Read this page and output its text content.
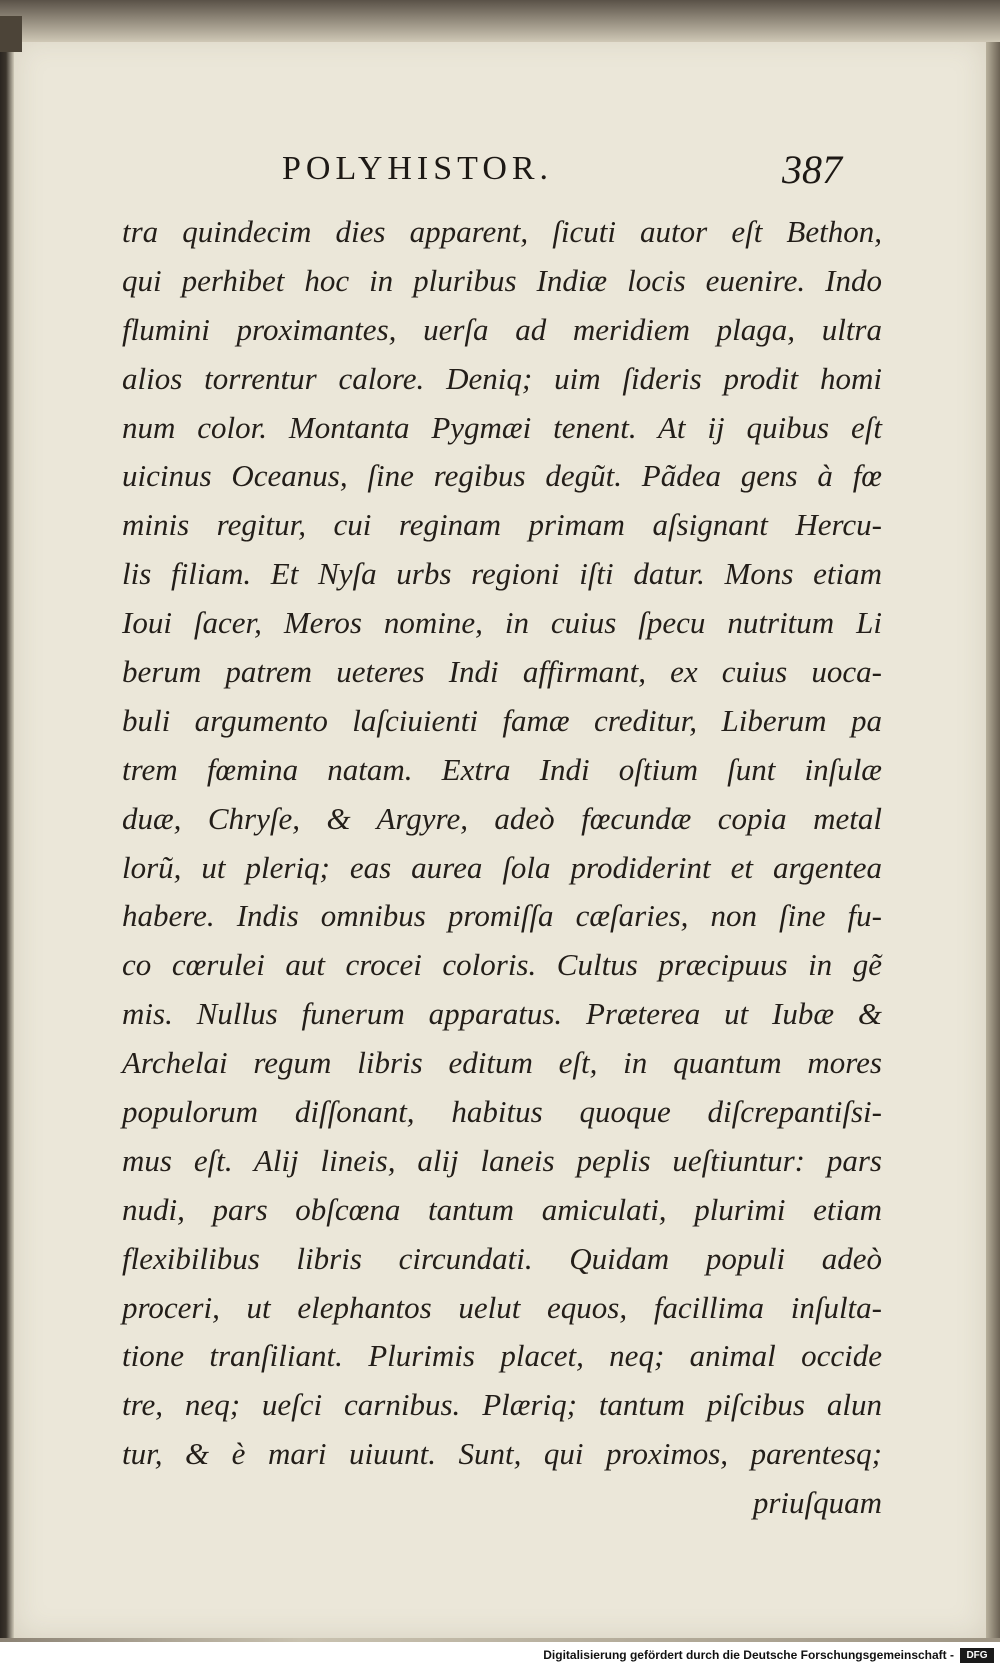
POLYHISTOR.	387
tra quindecim dies apparent, ſicuti autor eſt Bethon,
qui perhibet hoc in pluribus Indiæ locis euenire. Indo
flumini proximantes, uerſa ad meridiem plaga, ultra
alios torrentur calore. Deniq; uim ſideris prodit homi
num color. Montanta Pygmæi tenent. At ij quibus eſt
uicinus Oceanus, ſine regibus degũt. Pãdea gens à fœ
minis regitur, cui reginam primam aſsignant Hercu-
lis filiam. Et Nyſa urbs regioni iſti datur. Mons etiam
Ioui ſacer, Meros nomine, in cuius ſpecu nutritum Li
berum patrem ueteres Indi affirmant, ex cuius uoca-
buli argumento laſciuienti famæ creditur, Liberum pa
trem fœmina natam. Extra Indi oſtium ſunt inſulæ
duæ, Chryſe, & Argyre, adeò fœcundæ copia metal
lorũ, ut pleriq; eas aurea ſola prodiderint et argentea
habere. Indis omnibus promiſſa cæſaries, non ſine fu-
co cœrulei aut crocei coloris. Cultus præcipuus in gẽ
mis. Nullus funerum apparatus. Præterea ut Iubæ &
Archelai regum libris editum eſt, in quantum mores
populorum diſſonant, habitus quoque diſcrepantiſsi-
mus eſt. Alij lineis, alij laneis peplis ueſtiuntur: pars
nudi, pars obſcœna tantum amiculati, plurimi etiam
flexibilibus libris circundati. Quidam populi adeò
proceri, ut elephantos uelut equos, facillima inſulta-
tione tranſiliant. Plurimis placet, neq; animal occide
tre, neq; ueſci carnibus. Plæriq; tantum piſcibus alun
tur, & è mari uiuunt. Sunt, qui proximos, parentesq;
priuſquam
Digitalisierung gefördert durch die Deutsche Forschungsgemeinschaft -	DFG
